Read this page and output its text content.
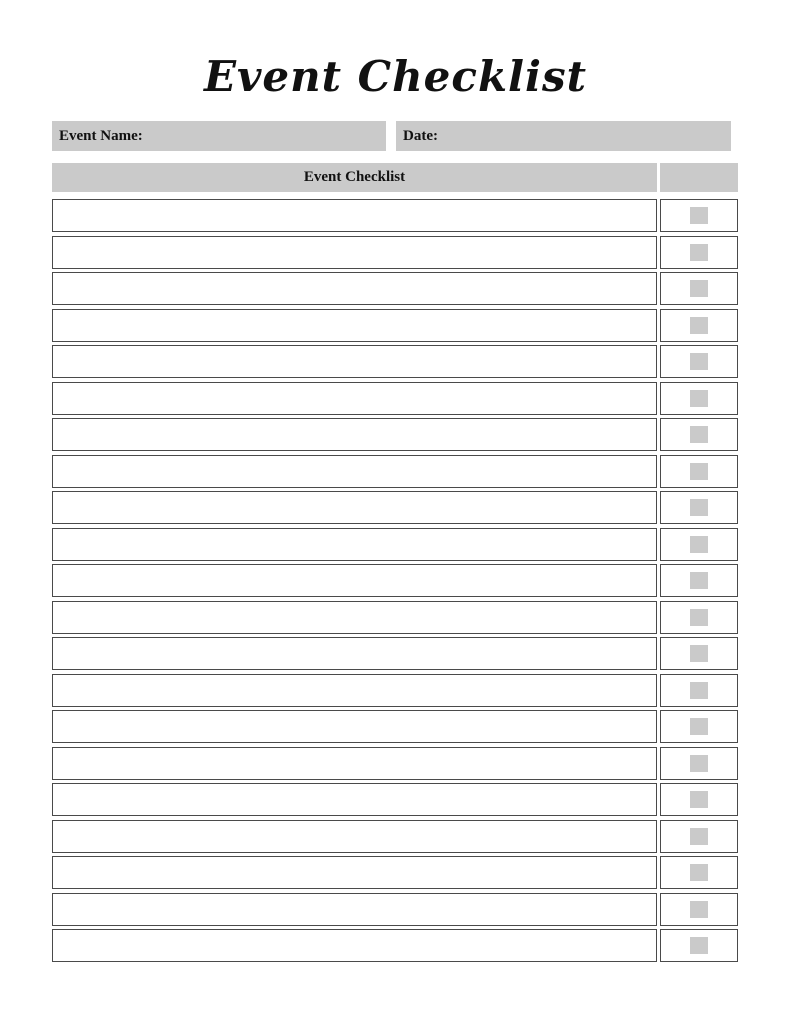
Event Checklist
Event Name:	Date:
Event Checklist
